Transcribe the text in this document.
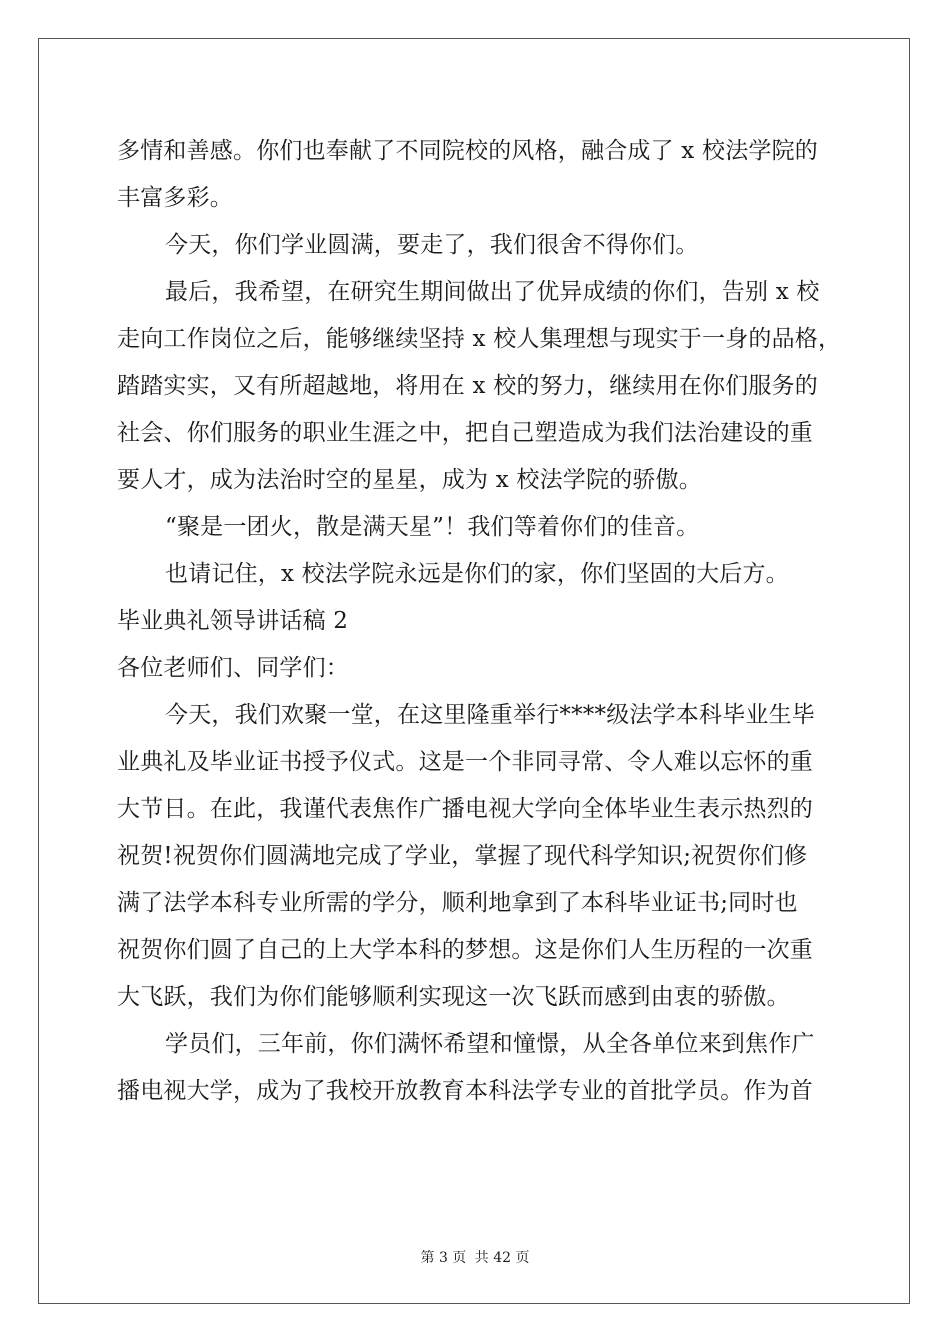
多情和善感。你们也奉献了不同院校的风格，融合成了 x 校法学院的
丰富多彩。
今天，你们学业圆满，要走了，我们很舍不得你们。
最后，我希望，在研究生期间做出了优异成绩的你们，告别 x 校
走向工作岗位之后，能够继续坚持 x 校人集理想与现实于一身的品格，
踏踏实实，又有所超越地，将用在 x 校的努力，继续用在你们服务的
社会、你们服务的职业生涯之中，把自己塑造成为我们法治建设的重
要人才，成为法治时空的星星，成为 x 校法学院的骄傲。
“聚是一团火，散是满天星”！我们等着你们的佳音。
也请记住，x 校法学院永远是你们的家，你们坚固的大后方。
毕业典礼领导讲话稿 2
各位老师们、同学们：
今天，我们欢聚一堂，在这里隆重举行****级法学本科毕业生毕
业典礼及毕业证书授予仪式。这是一个非同寻常、令人难以忘怀的重
大节日。在此，我谨代表焦作广播电视大学向全体毕业生表示热烈的
祝贺!祝贺你们圆满地完成了学业，掌握了现代科学知识;祝贺你们修
满了法学本科专业所需的学分，顺利地拿到了本科毕业证书;同时也
祝贺你们圆了自己的上大学本科的梦想。这是你们人生历程的一次重
大飞跃，我们为你们能够顺利实现这一次飞跃而感到由衷的骄傲。
学员们，三年前，你们满怀希望和憧憬，从全各单位来到焦作广
播电视大学，成为了我校开放教育本科法学专业的首批学员。作为首
第 3 页 共 42 页
